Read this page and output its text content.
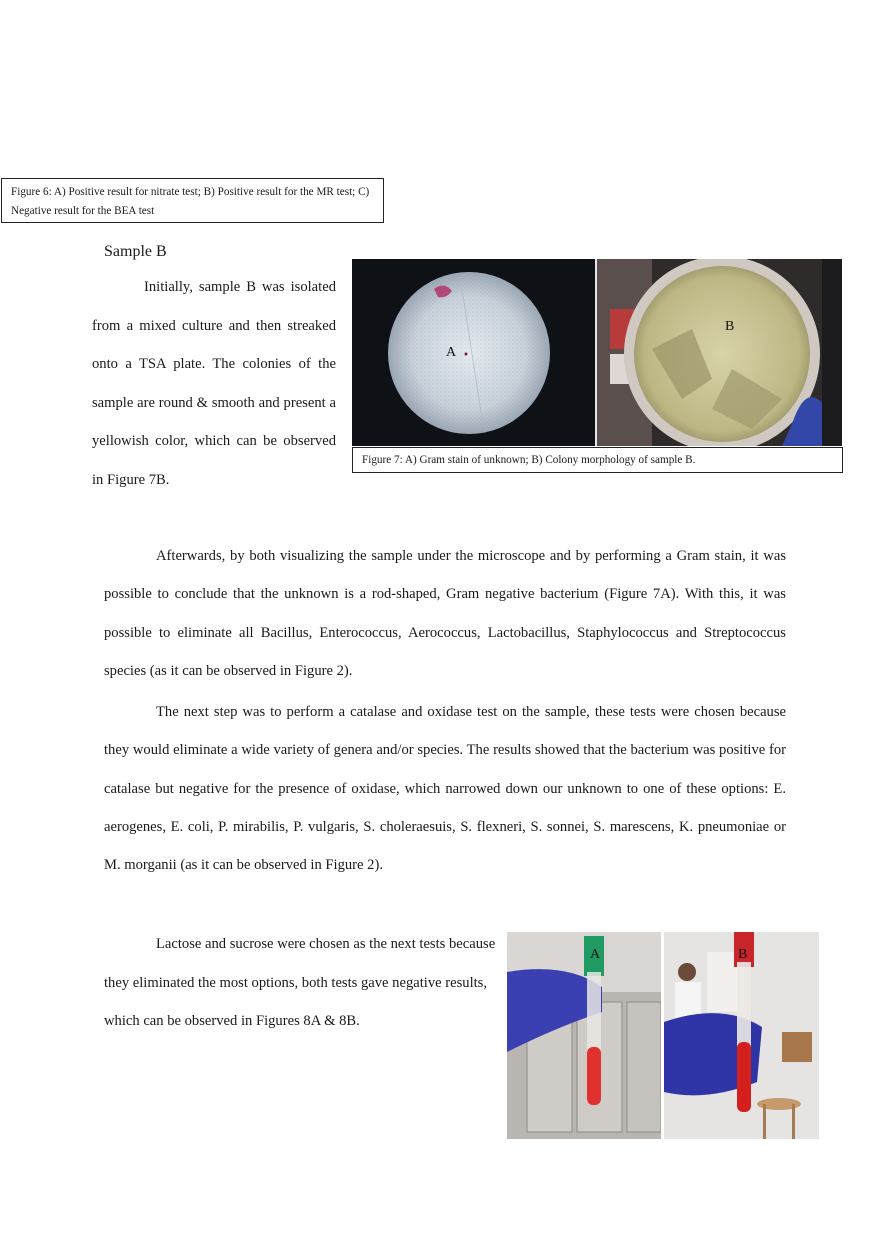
Figure 6: A) Positive result for nitrate test; B) Positive result for the MR test; C) Negative result for the BEA test
Sample B

Initially, sample B was isolated from a mixed culture and then streaked onto a TSA plate. The colonies of the sample are round & smooth and present a yellowish color, which can be observed in Figure 7B.

A
B
Figure 7: A) Gram stain of unknown; B) Colony morphology of sample B.

Afterwards, by both visualizing the sample under the microscope and by performing a Gram stain, it was possible to conclude that the unknown is a rod-shaped, Gram negative bacterium (Figure 7A). With this, it was possible to eliminate all Bacillus, Enterococcus, Aerococcus, Lactobacillus, Staphylococcus and Streptococcus species (as it can be observed in Figure 2).

The next step was to perform a catalase and oxidase test on the sample, these tests were chosen because they would eliminate a wide variety of genera and/or species. The results showed that the bacterium was positive for catalase but negative for the presence of oxidase, which narrowed down our unknown to one of these options: E. aerogenes, E. coli, P. mirabilis, P. vulgaris, S. choleraesuis, S. flexneri, S. sonnei, S. marescens, K. pneumoniae or M. morganii (as it can be observed in Figure 2).

Lactose and sucrose were chosen as the next tests because they eliminated the most options, both tests gave negative results, which can be observed in Figures 8A & 8B.

A	B
